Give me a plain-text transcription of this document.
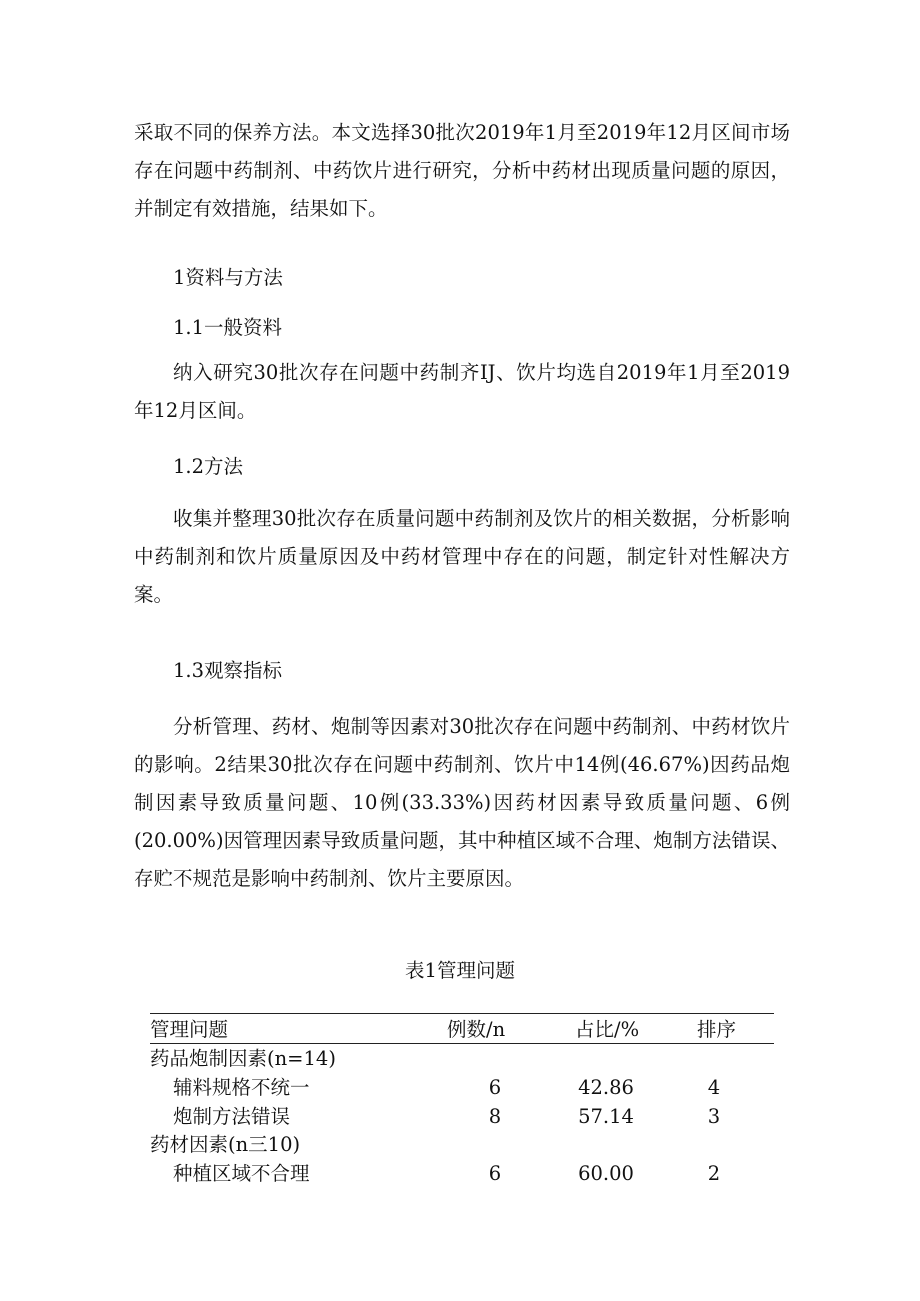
采取不同的保养方法。本文选择30批次2019年1月至2019年12月区间市场存在问题中药制剂、中药饮片进行研究，分析中药材出现质量问题的原因，并制定有效措施，结果如下。

1资料与方法

1.1一般资料

纳入研究30批次存在问题中药制齐IJ、饮片均选自2019年1月至2019年12月区间。

1.2方法

收集并整理30批次存在质量问题中药制剂及饮片的相关数据，分析影响中药制剂和饮片质量原因及中药材管理中存在的问题，制定针对性解决方案。

1.3观察指标

分析管理、药材、炮制等因素对30批次存在问题中药制剂、中药材饮片的影响。2结果30批次存在问题中药制剂、饮片中14例(46.67%)因药品炮制因素导致质量问题、10例(33.33%)因药材因素导致质量问题、6例(20.00%)因管理因素导致质量问题，其中种植区域不合理、炮制方法错误、存贮不规范是影响中药制剂、饮片主要原因。

表1管理问题

管理问题	例数/n	占比/%	排序
药品炮制因素(n=14)
辅料规格不统一	6	42.86	4
炮制方法错误	8	57.14	3
药材因素(n三10)
种植区域不合理	6	60.00	2
